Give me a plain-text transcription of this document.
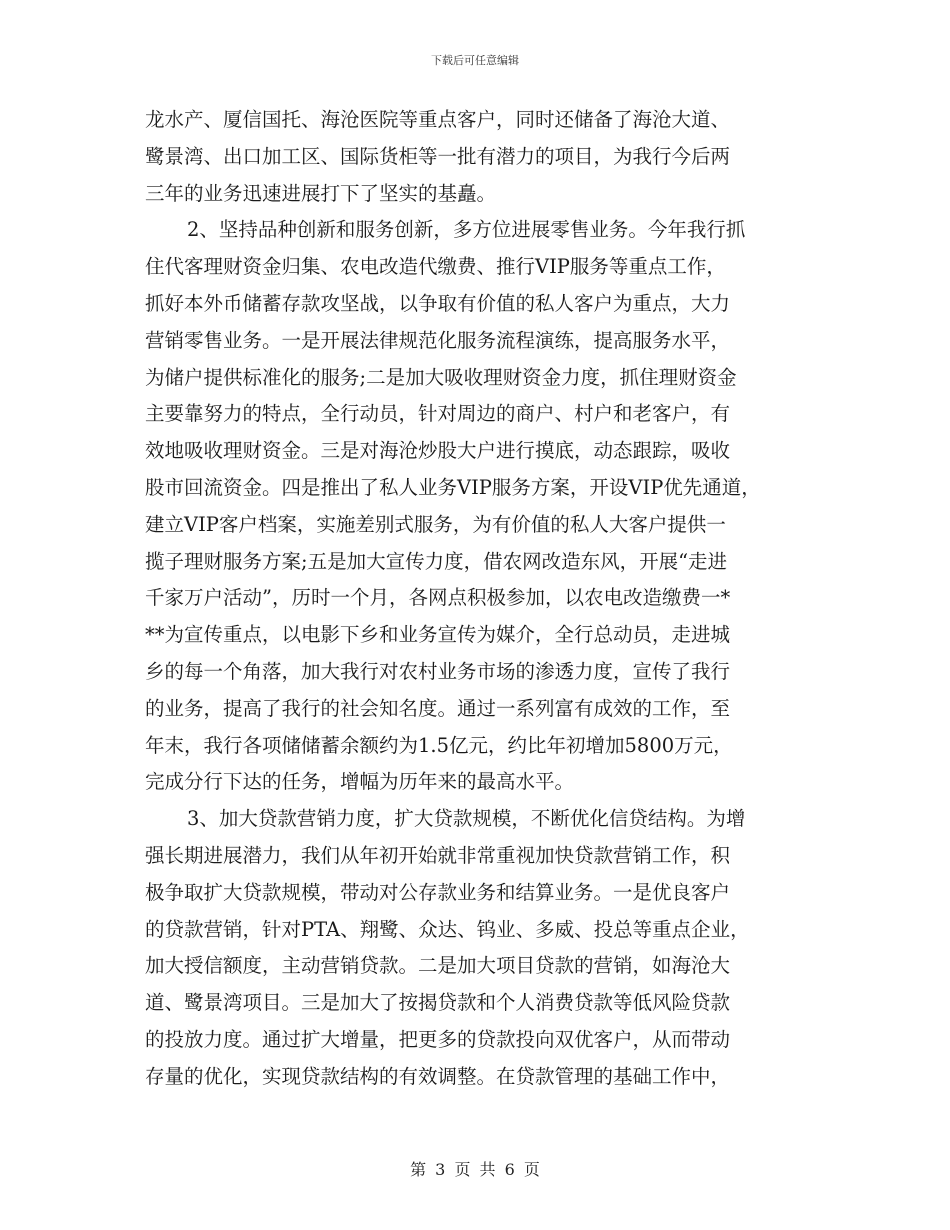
下载后可任意编辑
龙水产、厦信国托、海沧医院等重点客户，同时还储备了海沧大道、
鹭景湾、出口加工区、国际货柜等一批有潜力的项目，为我行今后两
三年的业务迅速进展打下了坚实的基矗。
2、坚持品种创新和服务创新，多方位进展零售业务。今年我行抓
住代客理财资金归集、农电改造代缴费、推行VIP服务等重点工作，
抓好本外币储蓄存款攻坚战，以争取有价值的私人客户为重点，大力
营销零售业务。一是开展法律规范化服务流程演练，提高服务水平，
为储户提供标准化的服务;二是加大吸收理财资金力度，抓住理财资金
主要靠努力的特点，全行动员，针对周边的商户、村户和老客户，有
效地吸收理财资金。三是对海沧炒股大户进行摸底，动态跟踪，吸收
股市回流资金。四是推出了私人业务VIP服务方案，开设VIP优先通道，
建立VIP客户档案，实施差别式服务，为有价值的私人大客户提供一
揽子理财服务方案;五是加大宣传力度，借农网改造东风，开展“走进
千家万户活动”，历时一个月，各网点积极参加，以农电改造缴费一*
**为宣传重点，以电影下乡和业务宣传为媒介，全行总动员，走进城
乡的每一个角落，加大我行对农村业务市场的渗透力度，宣传了我行
的业务，提高了我行的社会知名度。通过一系列富有成效的工作，至
年末，我行各项储储蓄余额约为1.5亿元，约比年初增加5800万元，
完成分行下达的任务，增幅为历年来的最高水平。
3、加大贷款营销力度，扩大贷款规模，不断优化信贷结构。为增
强长期进展潜力，我们从年初开始就非常重视加快贷款营销工作，积
极争取扩大贷款规模，带动对公存款业务和结算业务。一是优良客户
的贷款营销，针对PTA、翔鹭、众达、钨业、多威、投总等重点企业，
加大授信额度，主动营销贷款。二是加大项目贷款的营销，如海沧大
道、鹭景湾项目。三是加大了按揭贷款和个人消费贷款等低风险贷款
的投放力度。通过扩大增量，把更多的贷款投向双优客户，从而带动
存量的优化，实现贷款结构的有效调整。在贷款管理的基础工作中，
第 3 页 共 6 页
